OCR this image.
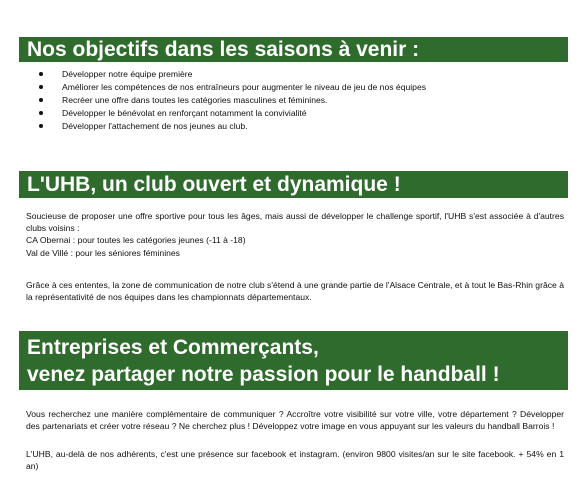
Nos objectifs dans les saisons à venir :
Développer notre équipe première
Améliorer les compétences de nos entraîneurs pour augmenter le niveau de jeu de nos équipes
Recréer une offre dans toutes les catégories masculines et féminines.
Développer le bénévolat en renforçant notamment la convivialité
Développer l'attachement de nos jeunes au club.
L'UHB, un club ouvert et dynamique !

Soucieuse de proposer une offre sportive pour tous les âges, mais aussi de développer le challenge sportif, l'UHB s'est associée à d'autres clubs voisins :
CA Obernai : pour toutes les catégories jeunes (-11 à -18)
Val de Villé : pour les séniores féminines

Grâce à ces ententes, la zone de communication de notre club s'étend à une grande partie de l'Alsace Centrale, et à tout le Bas-Rhin grâce à la représentativité de nos équipes dans les championnats départementaux.

Entreprises et Commerçants,
venez partager notre passion pour le handball !

Vous recherchez une manière complémentaire de communiquer ? Accroître votre visibilité sur votre ville, votre département ? Développer des partenariats et créer votre réseau ? Ne cherchez plus ! Développez votre image en vous appuyant sur les valeurs du handball Barrois !

L'UHB, au-delà de nos adhérents, c'est une présence sur facebook et instagram. (environ 9800 visites/an sur le site facebook. + 54% en 1 an)
